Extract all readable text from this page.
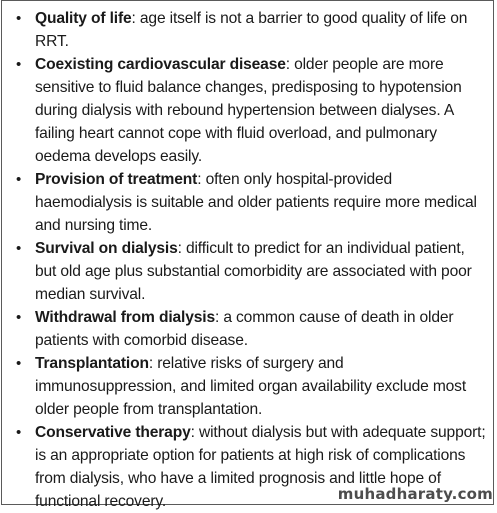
• Quality of life: age itself is not a barrier to good quality of life on RRT.
• Coexisting cardiovascular disease: older people are more sensitive to fluid balance changes, predisposing to hypotension during dialysis with rebound hypertension between dialyses. A failing heart cannot cope with fluid overload, and pulmonary oedema develops easily.
• Provision of treatment: often only hospital-provided haemodialysis is suitable and older patients require more medical and nursing time.
• Survival on dialysis: difficult to predict for an individual patient, but old age plus substantial comorbidity are associated with poor median survival.
• Withdrawal from dialysis: a common cause of death in older patients with comorbid disease.
• Transplantation: relative risks of surgery and immunosuppression, and limited organ availability exclude most older people from transplantation.
• Conservative therapy: without dialysis but with adequate support; is an appropriate option for patients at high risk of complications from dialysis, who have a limited prognosis and little hope of functional recovery.	muhadharaty.com
